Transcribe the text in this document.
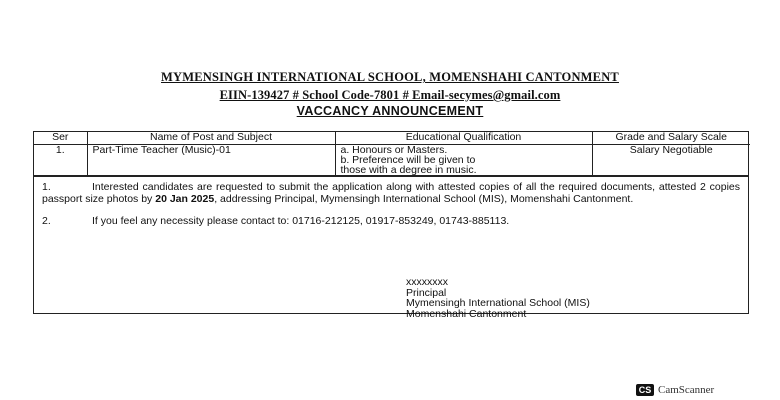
MYMENSINGH INTERNATIONAL SCHOOL, MOMENSHAHI CANTONMENT
EIIN-139427 # School Code-7801 # Email-secymes@gmail.com
VACCANCY ANNOUNCEMENT
Ser	Name of Post and Subject	Educational Qualification	Grade and Salary Scale
1.	Part-Time Teacher (Music)-01	a. Honours or Masters.
b. Preference will be given to
those with a degree in music.	Salary Negotiable

1.	Interested candidates are requested to submit the application along with attested copies of all the required documents, attested 2 copies passport size photos by 20 Jan 2025, addressing Principal, Mymensingh International School (MIS), Momenshahi Cantonment.

2.	If you feel any necessity please contact to: 01716-212125, 01917-853249, 01743-885113.

xxxxxxxx
Principal
Mymensingh International School (MIS)
Momenshahi Cantonment
CS CamScanner
